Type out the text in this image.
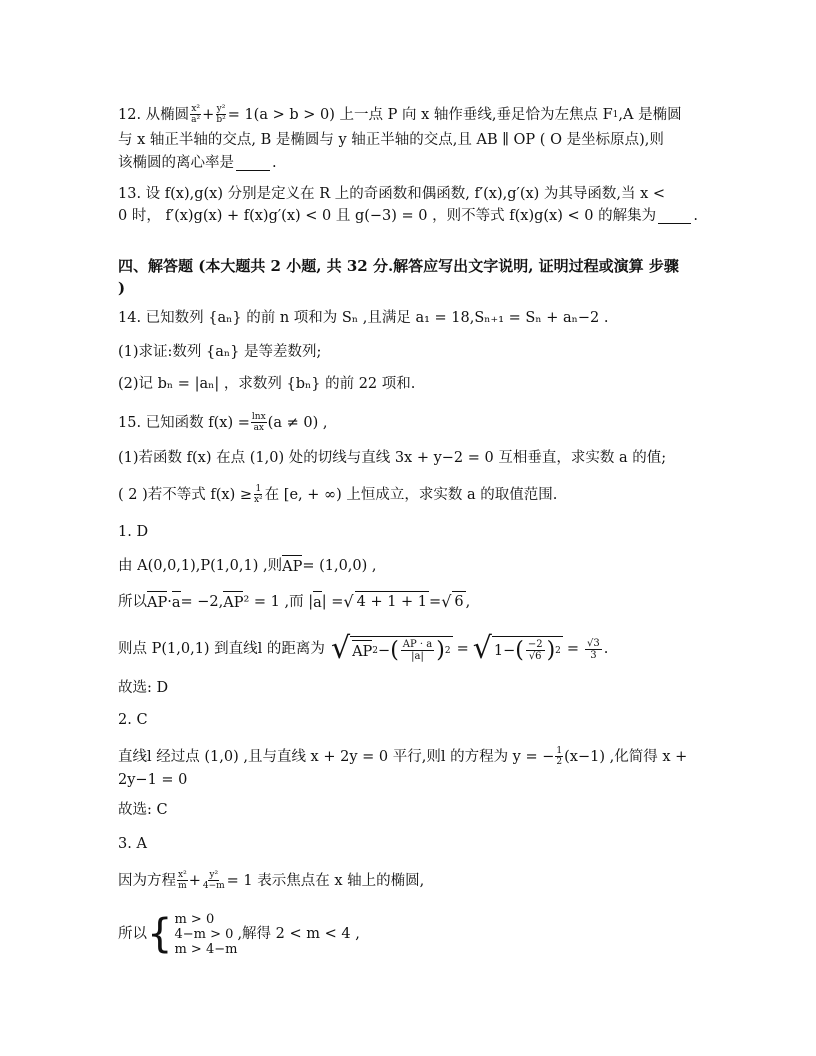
12. 从椭圆 $\frac{\text{x²}}{\text{a²}} + \frac{\text{y²}}{\text{b²}} = 1(a > b > 0)$ 上一点 P 向 x 轴作垂线,垂足恰为左焦点 F 1 ,A 是椭圆
与 x 轴正半轴的交点, B 是椭圆与 y 轴正半轴的交点,且 AB ∥ OP ( O 是坐标原点),则
该椭圆的离心率是	.
13. 设 f(x),g(x) 分别是定义在 R 上的奇函数和偶函数, f′(x),g′(x) 为其导函数,当 x <
0 时， f′(x)g(x) + f(x)g′(x) < 0 且 g(−3) = 0 ，则不等式 f(x)g(x) < 0 的解集为	.
四、解答题 (本大题共 2 小题, 共 32 分.解答应写出文字说明, 证明过程或演算 步骤
)
14. 已知数列 {aₙ} 的前 n 项和为 Sₙ ,且满足 a₁ = 18,Sₙ₊₁ = Sₙ + aₙ−2 .
(1)求证:数列 {aₙ} 是等差数列;
(2)记 bₙ = |aₙ| ，求数列 {bₙ} 的前 22 项和.
15. 已知函数 $f(x) = \frac{\ln x}{ax} (a \ne 0)$ ,
(1)若函数 f(x) 在点 (1,0) 处的切线与直线 3x + y−2 = 0 互相垂直，求实数 a 的值;
( 2 )若不等式 $f(x) \ge \frac{1}{\text{x²}}$ 在 [e, + ∞) 上恒成立，求实数 a 的取值范围.
1. D
由 A(0,0,1),P(1,0,1) ,则 AP = (1,0,0) ,
所以 AP · a = −2, AP ² = 1 ,而 | a | = √ 4 + 1 + 1 = √ 6 ,
则点 P(1,0,1) 到直线l 的距离为 √ AP 2 − ( $\frac{AP \cdot a}{|a|}$ ) 2 = √ 1− ( $\frac{-2}{√6}$ ) $2 = \frac{√3}{3}$ .
故选: D
2. C
直线l 经过点 (1,0) ,且与直线 x + 2y = 0 平行,则l 的方程为 y = − $\frac{1}{2} (x-1)$ ,化简得 x +
2y−1 = 0
故选: C
3. A
因为方程 $\frac{\text{x²}}{m} + \frac{\text{y²}}{4-m} = 1$ 表示焦点在 x 轴上的椭圆,
所以 { m > 0
4−m > 0
m > 4−m
,解得 2 < m < 4 ,
